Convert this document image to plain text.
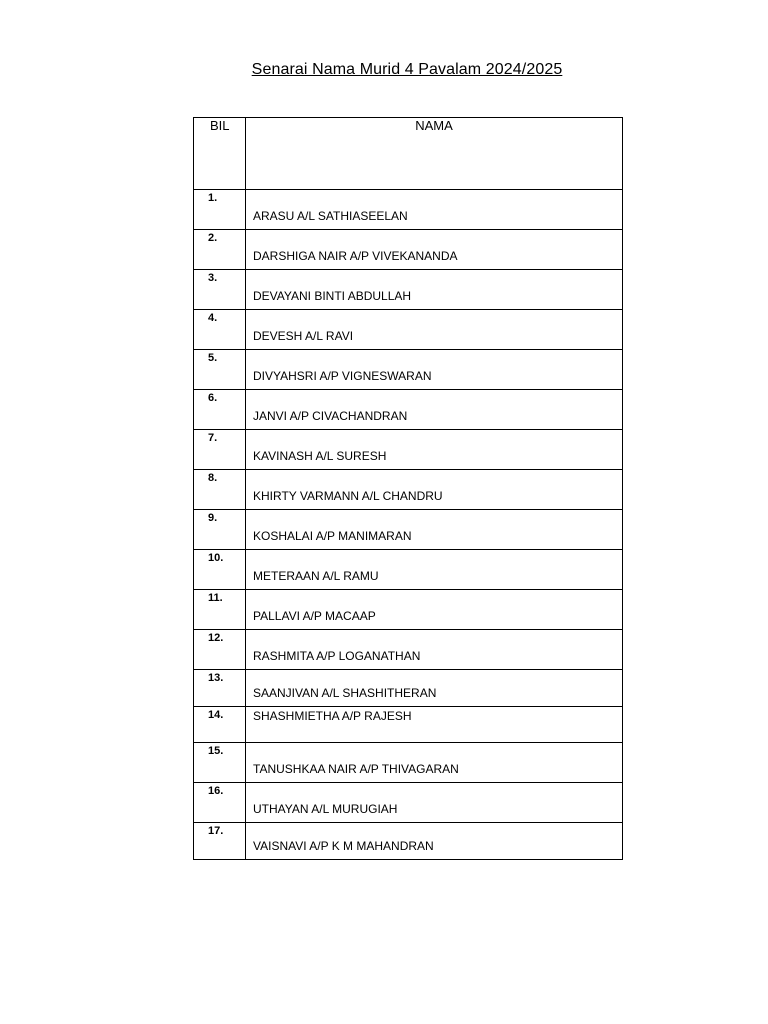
Senarai Nama Murid 4 Pavalam 2024/2025
BIL	NAMA
1.	ARASU A/L SATHIASEELAN
2.	DARSHIGA NAIR A/P VIVEKANANDA
3.	DEVAYANI BINTI ABDULLAH
4.	DEVESH A/L RAVI
5.	DIVYAHSRI A/P VIGNESWARAN
6.	JANVI A/P CIVACHANDRAN
7.	KAVINASH A/L SURESH
8.	KHIRTY VARMANN A/L CHANDRU
9.	KOSHALAI A/P MANIMARAN
10.	METERAAN A/L RAMU
11.	PALLAVI A/P MACAAP
12.	RASHMITA A/P LOGANATHAN
13.	SAANJIVAN A/L SHASHITHERAN
14.	SHASHMIETHA A/P RAJESH
15.	TANUSHKAA NAIR A/P THIVAGARAN
16.	UTHAYAN A/L MURUGIAH
17.	VAISNAVI A/P K M MAHANDRAN
